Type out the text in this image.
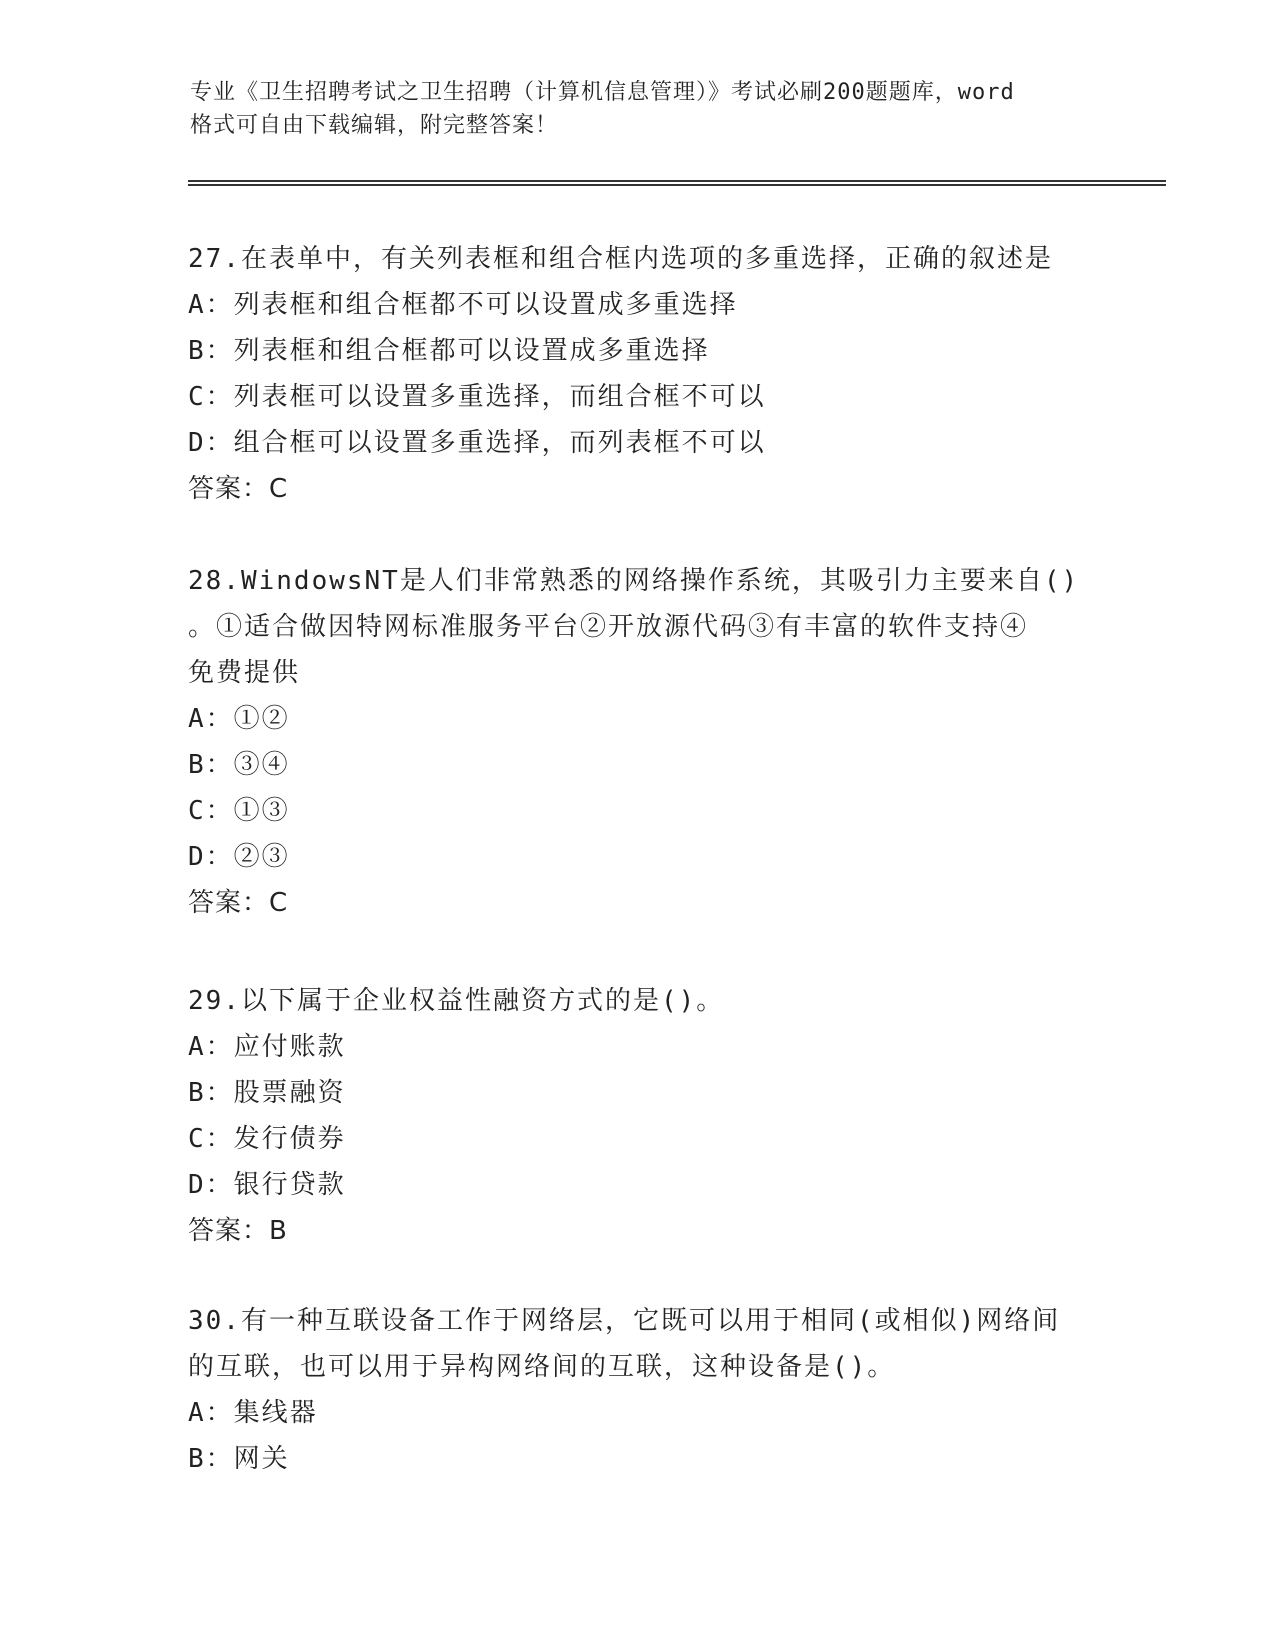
专业《卫生招聘考试之卫生招聘（计算机信息管理）》考试必刷200题题库，word
格式可自由下载编辑，附完整答案！
27.在表单中，有关列表框和组合框内选项的多重选择，正确的叙述是
A：列表框和组合框都不可以设置成多重选择
B：列表框和组合框都可以设置成多重选择
C：列表框可以设置多重选择，而组合框不可以
D：组合框可以设置多重选择，而列表框不可以
答案：C
28.WindowsNT是人们非常熟悉的网络操作系统，其吸引力主要来自()
。①适合做因特网标准服务平台②开放源代码③有丰富的软件支持④
免费提供
A：①②
B：③④
C：①③
D：②③
答案：C
29.以下属于企业权益性融资方式的是()。
A：应付账款
B：股票融资
C：发行债券
D：银行贷款
答案：B
30.有一种互联设备工作于网络层，它既可以用于相同(或相似)网络间
的互联，也可以用于异构网络间的互联，这种设备是()。
A：集线器
B：网关
